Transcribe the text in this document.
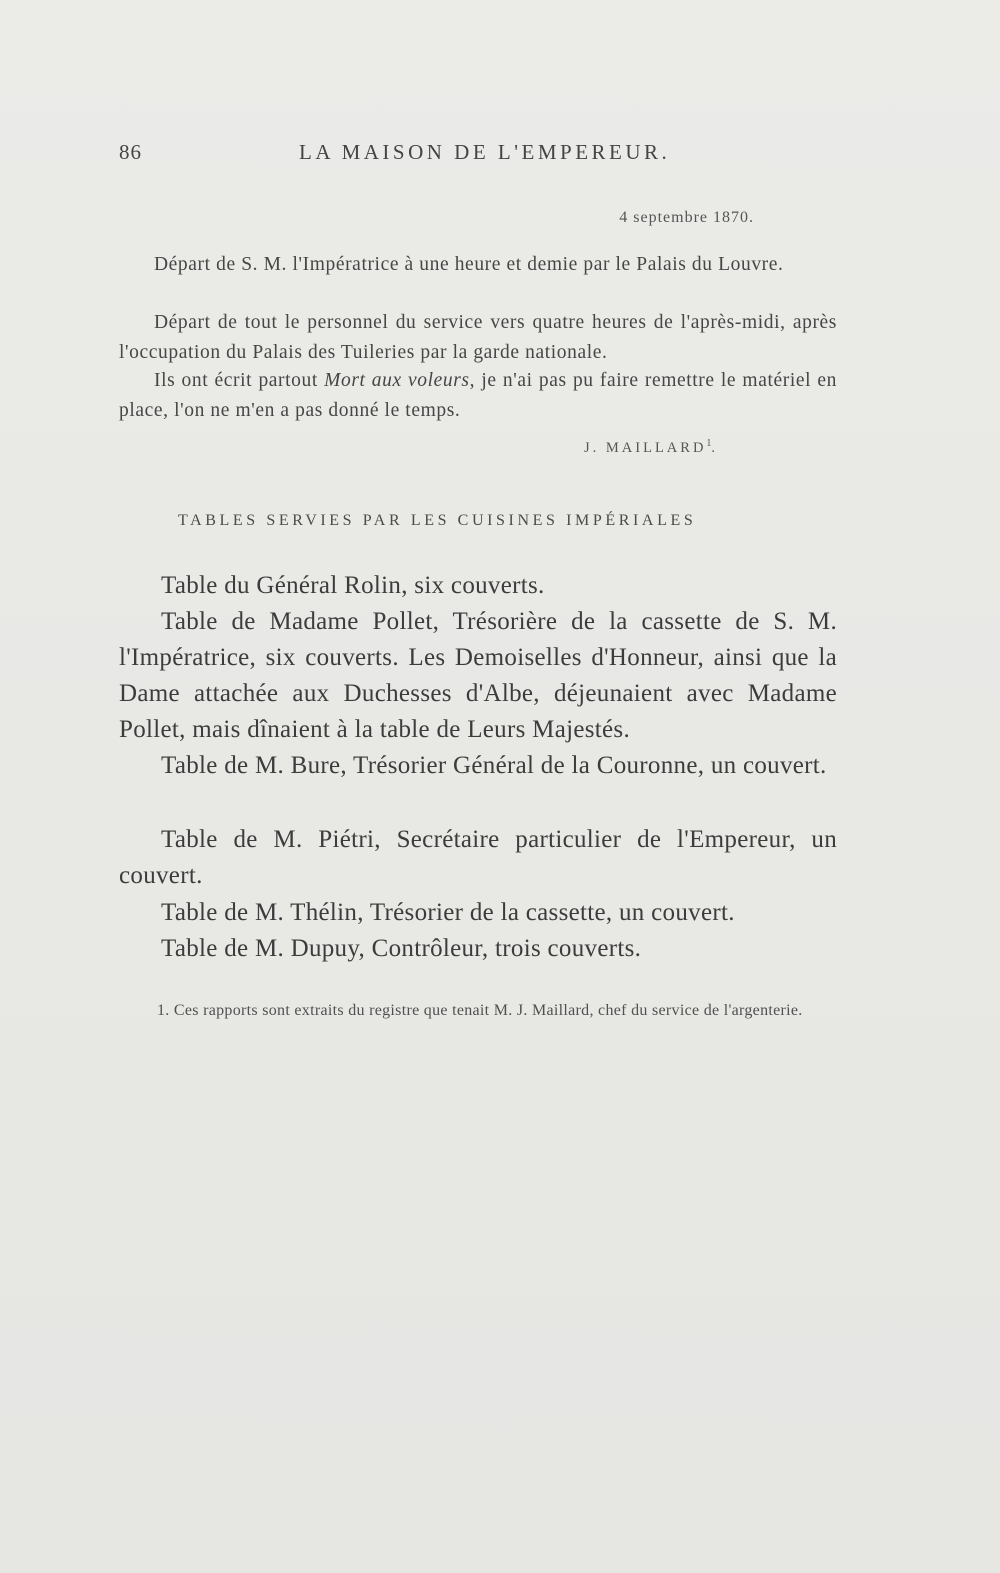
86	LA MAISON DE L'EMPEREUR.
4 septembre 1870.

Départ de S. M. l'Impératrice à une heure et demie par le Palais du Louvre.

Départ de tout le personnel du service vers quatre heures de l'après-midi, après l'occupation du Palais des Tuileries par la garde nationale.

Ils ont écrit partout Mort aux voleurs, je n'ai pas pu faire remettre le matériel en place, l'on ne m'en a pas donné le temps.

J. MAILLARD$^1$.
TABLES SERVIES PAR LES CUISINES IMPÉRIALES

Table du Général Rolin, six couverts.

Table de Madame Pollet, Trésorière de la cassette de S. M. l'Impératrice, six couverts. Les Demoiselles d'Honneur, ainsi que la Dame attachée aux Duchesses d'Albe, déjeunaient avec Madame Pollet, mais dînaient à la table de Leurs Majestés.

Table de M. Bure, Trésorier Général de la Couronne, un couvert.

Table de M. Piétri, Secrétaire particulier de l'Empereur, un couvert.

Table de M. Thélin, Trésorier de la cassette, un couvert.

Table de M. Dupuy, Contrôleur, trois couverts.

1. Ces rapports sont extraits du registre que tenait M. J. Maillard, chef du service de l'argenterie.
